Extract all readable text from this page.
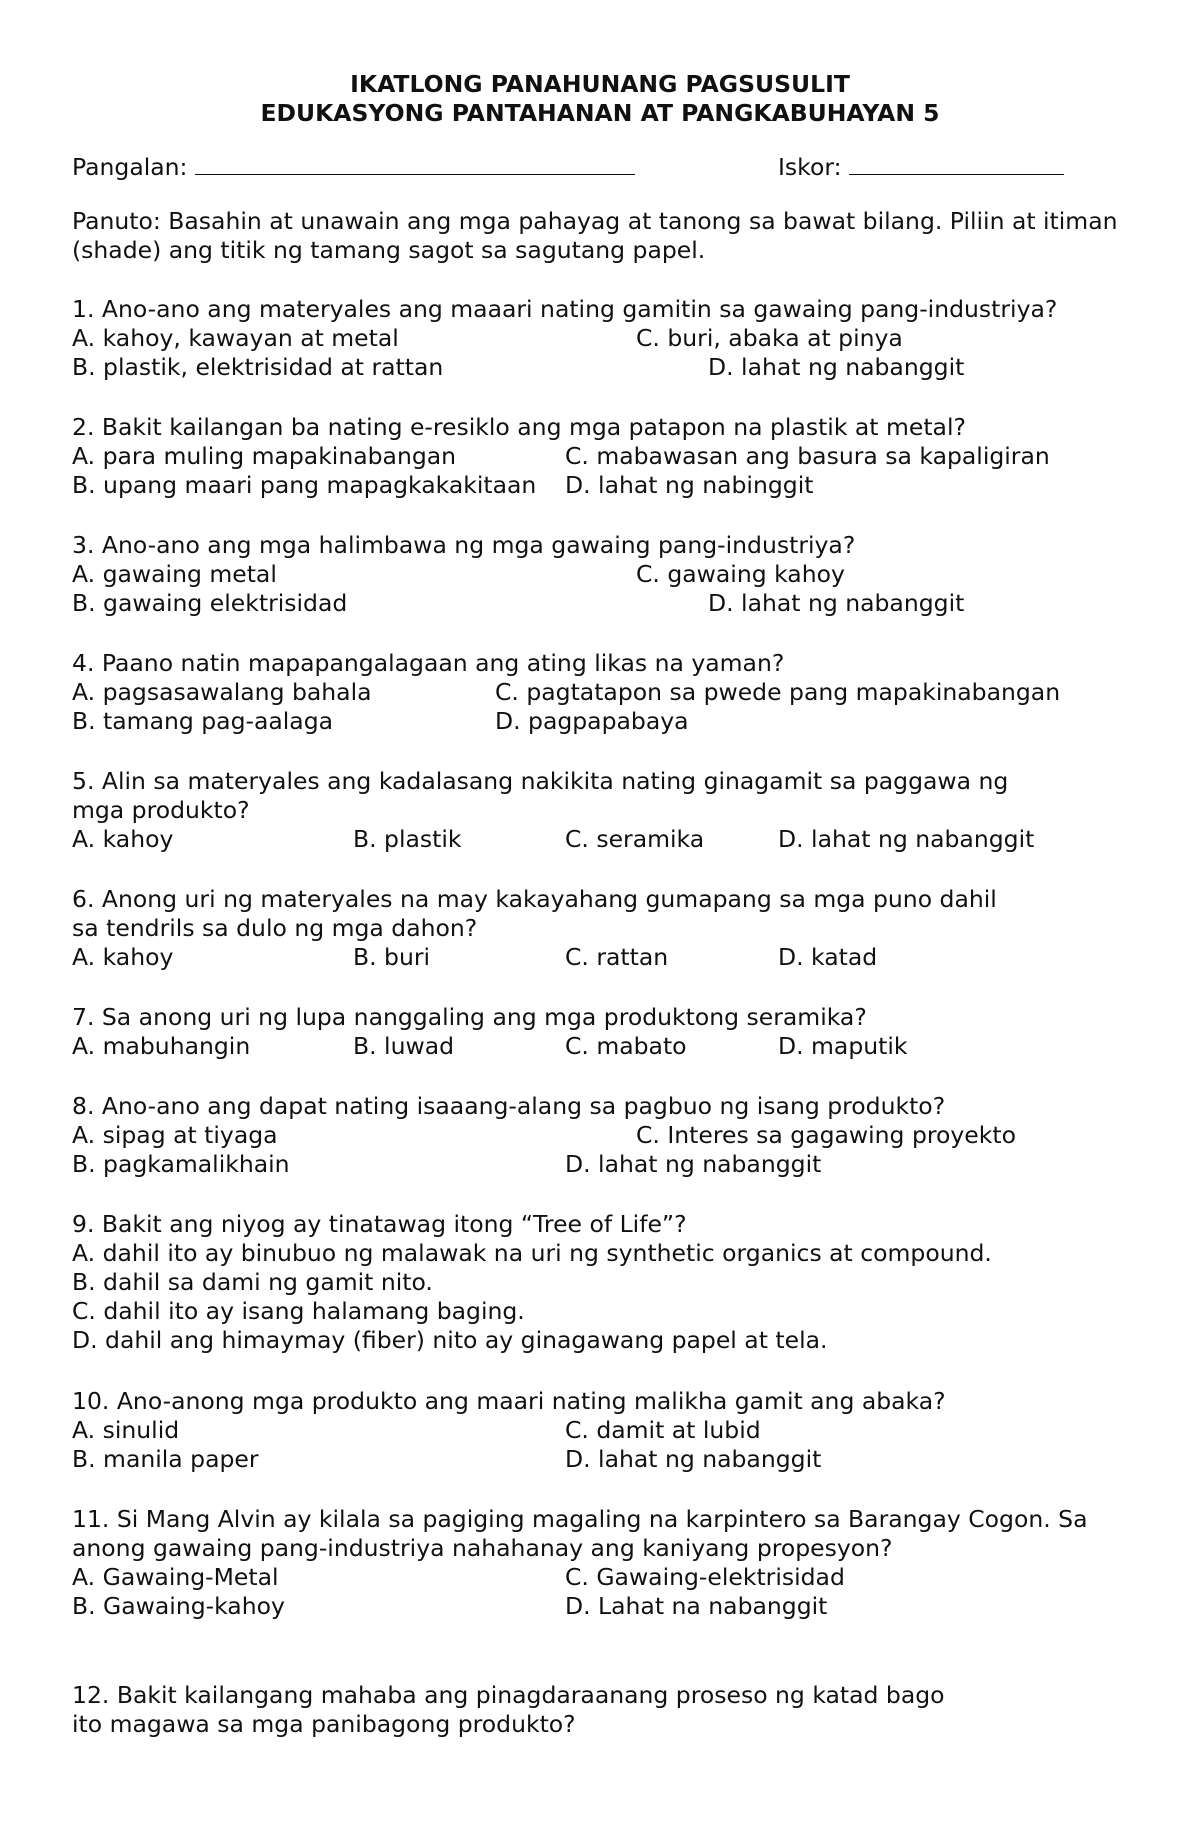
IKATLONG PANAHUNANG PAGSUSULIT
EDUKASYONG PANTAHANAN AT PANGKABUHAYAN 5
Pangalan:	Iskor:
Panuto: Basahin at unawain ang mga pahayag at tanong sa bawat bilang. Piliin at itiman
(shade) ang titik ng tamang sagot sa sagutang papel.
1. Ano-ano ang materyales ang maaari nating gamitin sa gawaing pang-industriya?
A. kahoy, kawayan at metal	C. buri, abaka at pinya
B. plastik, elektrisidad at rattan	D. lahat ng nabanggit
2. Bakit kailangan ba nating e-resiklo ang mga patapon na plastik at metal?
A. para muling mapakinabangan	C. mabawasan ang basura sa kapaligiran
B. upang maari pang mapagkakakitaan D. lahat ng nabinggit
3. Ano-ano ang mga halimbawa ng mga gawaing pang-industriya?
A. gawaing metal	C. gawaing kahoy
B. gawaing elektrisidad	D. lahat ng nabanggit
4. Paano natin mapapangalagaan ang ating likas na yaman?
A. pagsasawalang bahala	C. pagtatapon sa pwede pang mapakinabangan
B. tamang pag-aalaga	D. pagpapabaya
5. Alin sa materyales ang kadalasang nakikita nating ginagamit sa paggawa ng
mga produkto?
A. kahoy	B. plastik	C. seramika	D. lahat ng nabanggit
6. Anong uri ng materyales na may kakayahang gumapang sa mga puno dahil
sa tendrils sa dulo ng mga dahon?
A. kahoy	B. buri	C. rattan	D. katad
7. Sa anong uri ng lupa nanggaling ang mga produktong seramika?
A. mabuhangin	B. luwad	C. mabato	D. maputik
8. Ano-ano ang dapat nating isaaang-alang sa pagbuo ng isang produkto?
A. sipag at tiyaga	C. Interes sa gagawing proyekto
B. pagkamalikhain	D. lahat ng nabanggit
9. Bakit ang niyog ay tinatawag itong “Tree of Life”?
A. dahil ito ay binubuo ng malawak na uri ng synthetic organics at compound.
B. dahil sa dami ng gamit nito.
C. dahil ito ay isang halamang baging.
D. dahil ang himaymay (fiber) nito ay ginagawang papel at tela.
10. Ano-anong mga produkto ang maari nating malikha gamit ang abaka?
A. sinulid	C. damit at lubid
B. manila paper	D. lahat ng nabanggit
11. Si Mang Alvin ay kilala sa pagiging magaling na karpintero sa Barangay Cogon. Sa
anong gawaing pang-industriya nahahanay ang kaniyang propesyon?
A. Gawaing-Metal	C. Gawaing-elektrisidad
B. Gawaing-kahoy	D. Lahat na nabanggit
12. Bakit kailangang mahaba ang pinagdaraanang proseso ng katad bago
ito magawa sa mga panibagong produkto?
